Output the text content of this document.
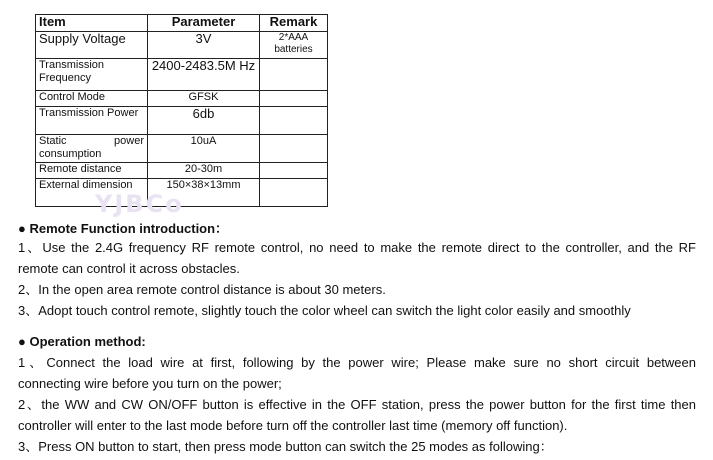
Item	Parameter	Remark
Supply Voltage	3V	2*AAA batteries
Transmission Frequency	2400-2483.5M Hz	
Control Mode	GFSK	
Transmission Power	6db	
Static power consumption	10uA	
Remote distance	20-30m	
External dimension	150×38×13mm	
YJBCo
● Remote Function introduction：
1、Use the 2.4G frequency RF remote control, no need to make the remote direct to the controller, and the RF
remote can control it across obstacles.
2、In the open area remote control distance is about 30 meters.
3、Adopt touch control remote, slightly touch the color wheel can switch the light color easily and smoothly
● Operation method:
1、Connect the load wire at first, following by the power wire; Please make sure no short circuit between
connecting wire before you turn on the power;
2、the WW and CW ON/OFF button is effective in the OFF station, press the power button for the first time then
controller will enter to the last mode before turn off the controller last time (memory off function).
3、Press ON button to start, then press mode button can switch the 25 modes as following：
